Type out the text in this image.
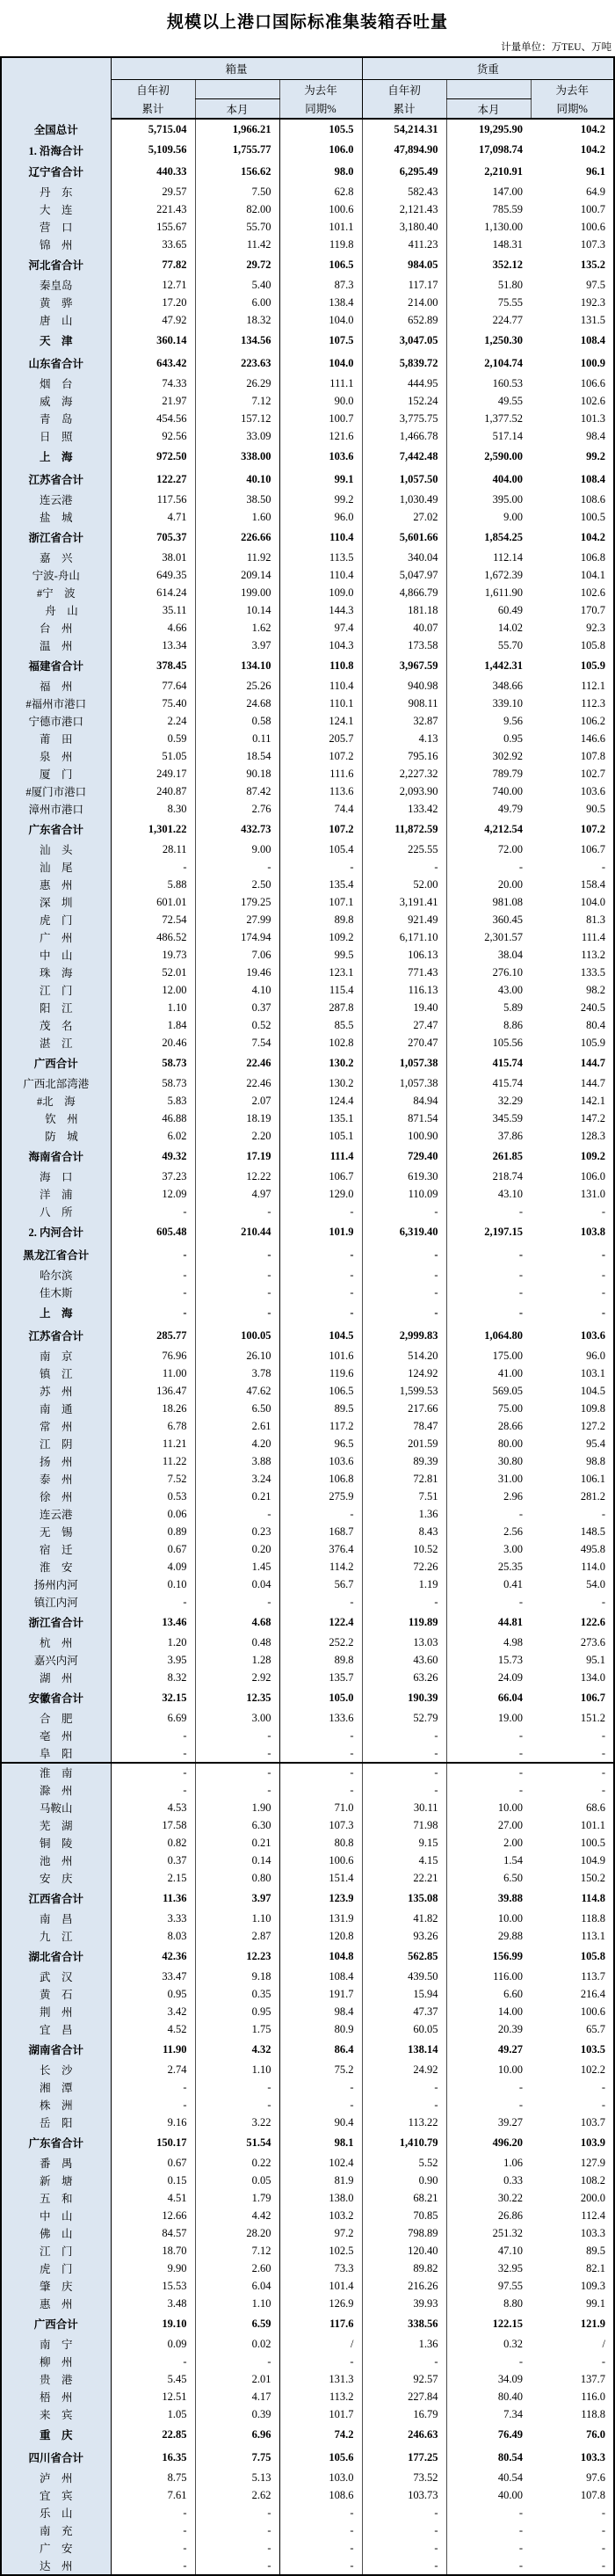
规模以上港口国际标准集装箱吞吐量
计量单位：万TEU、万吨
	箱量			货重		
	自年初		为去年	自年初		为去年
	累计	本月	同期%	累计	本月	同期%
全国总计	5,715.04	1,966.21	105.5	54,214.31	19,295.90	104.2
1. 沿海合计	5,109.56	1,755.77	106.0	47,894.90	17,098.74	104.2
辽宁省合计	440.33	156.62	98.0	6,295.49	2,210.91	96.1
丹　东	29.57	7.50	62.8	582.43	147.00	64.9
大　连	221.43	82.00	100.6	2,121.43	785.59	100.7
营　口	155.67	55.70	101.1	3,180.40	1,130.00	100.6
锦　州	33.65	11.42	119.8	411.23	148.31	107.3
河北省合计	77.82	29.72	106.5	984.05	352.12	135.2
秦皇岛	12.71	5.40	87.3	117.17	51.80	97.5
黄　骅	17.20	6.00	138.4	214.00	75.55	192.3
唐　山	47.92	18.32	104.0	652.89	224.77	131.5
天　津	360.14	134.56	107.5	3,047.05	1,250.30	108.4
山东省合计	643.42	223.63	104.0	5,839.72	2,104.74	100.9
烟　台	74.33	26.29	111.1	444.95	160.53	106.6
威　海	21.97	7.12	90.0	152.24	49.55	102.6
青　岛	454.56	157.12	100.7	3,775.75	1,377.52	101.3
日　照	92.56	33.09	121.6	1,466.78	517.14	98.4
上　海	972.50	338.00	103.6	7,442.48	2,590.00	99.2
江苏省合计	122.27	40.10	99.1	1,057.50	404.00	108.4
连云港	117.56	38.50	99.2	1,030.49	395.00	108.6
盐　城	4.71	1.60	96.0	27.02	9.00	100.5
浙江省合计	705.37	226.66	110.4	5,601.66	1,854.25	104.2
嘉　兴	38.01	11.92	113.5	340.04	112.14	106.8
宁波-舟山	649.35	209.14	110.4	5,047.97	1,672.39	104.1
#宁　波	614.24	199.00	109.0	4,866.79	1,611.90	102.6
　舟　山	35.11	10.14	144.3	181.18	60.49	170.7
台　州	4.66	1.62	97.4	40.07	14.02	92.3
温　州	13.34	3.97	104.3	173.58	55.70	105.8
福建省合计	378.45	134.10	110.8	3,967.59	1,442.31	105.9
福　州	77.64	25.26	110.4	940.98	348.66	112.1
#福州市港口	75.40	24.68	110.1	908.11	339.10	112.3
宁德市港口	2.24	0.58	124.1	32.87	9.56	106.2
莆　田	0.59	0.11	205.7	4.13	0.95	146.6
泉　州	51.05	18.54	107.2	795.16	302.92	107.8
厦　门	249.17	90.18	111.6	2,227.32	789.79	102.7
#厦门市港口	240.87	87.42	113.6	2,093.90	740.00	103.6
漳州市港口	8.30	2.76	74.4	133.42	49.79	90.5
广东省合计	1,301.22	432.73	107.2	11,872.59	4,212.54	107.2
汕　头	28.11	9.00	105.4	225.55	72.00	106.7
汕　尾	-	-	-	-	-	-
惠　州	5.88	2.50	135.4	52.00	20.00	158.4
深　圳	601.01	179.25	107.1	3,191.41	981.08	104.0
虎　门	72.54	27.99	89.8	921.49	360.45	81.3
广　州	486.52	174.94	109.2	6,171.10	2,301.57	111.4
中　山	19.73	7.06	99.5	106.13	38.04	113.2
珠　海	52.01	19.46	123.1	771.43	276.10	133.5
江　门	12.00	4.10	115.4	116.13	43.00	98.2
阳　江	1.10	0.37	287.8	19.40	5.89	240.5
茂　名	1.84	0.52	85.5	27.47	8.86	80.4
湛　江	20.46	7.54	102.8	270.47	105.56	105.9
广西合计	58.73	22.46	130.2	1,057.38	415.74	144.7
广西北部湾港	58.73	22.46	130.2	1,057.38	415.74	144.7
#北　海	5.83	2.07	124.4	84.94	32.29	142.1
　钦　州	46.88	18.19	135.1	871.54	345.59	147.2
　防　城	6.02	2.20	105.1	100.90	37.86	128.3
海南省合计	49.32	17.19	111.4	729.40	261.85	109.2
海　口	37.23	12.22	106.7	619.30	218.74	106.0
洋　浦	12.09	4.97	129.0	110.09	43.10	131.0
八　所	-	-	-	-	-	-
2. 内河合计	605.48	210.44	101.9	6,319.40	2,197.15	103.8
黑龙江省合计	-	-	-	-	-	-
哈尔滨	-	-	-	-	-	-
佳木斯	-	-	-	-	-	-
上　海	-	-	-	-	-	-
江苏省合计	285.77	100.05	104.5	2,999.83	1,064.80	103.6
南　京	76.96	26.10	101.6	514.20	175.00	96.0
镇　江	11.00	3.78	119.6	124.92	41.00	103.1
苏　州	136.47	47.62	106.5	1,599.53	569.05	104.5
南　通	18.26	6.50	89.5	217.66	75.00	109.8
常　州	6.78	2.61	117.2	78.47	28.66	127.2
江　阴	11.21	4.20	96.5	201.59	80.00	95.4
扬　州	11.22	3.88	103.6	89.39	30.80	98.8
泰　州	7.52	3.24	106.8	72.81	31.00	106.1
徐　州	0.53	0.21	275.9	7.51	2.96	281.2
连云港	0.06	-	-	1.36	-	-
无　锡	0.89	0.23	168.7	8.43	2.56	148.5
宿　迁	0.67	0.20	376.4	10.52	3.00	495.8
淮　安	4.09	1.45	114.2	72.26	25.35	114.0
扬州内河	0.10	0.04	56.7	1.19	0.41	54.0
镇江内河	-	-	-	-	-	-
浙江省合计	13.46	4.68	122.4	119.89	44.81	122.6
杭　州	1.20	0.48	252.2	13.03	4.98	273.6
嘉兴内河	3.95	1.28	89.8	43.60	15.73	95.1
湖　州	8.32	2.92	135.7	63.26	24.09	134.0
安徽省合计	32.15	12.35	105.0	190.39	66.04	106.7
合　肥	6.69	3.00	133.6	52.79	19.00	151.2
亳　州	-	-	-	-	-	-
阜　阳	-	-	-	-	-	-
淮　南	-	-	-	-	-	-
滁　州	-	-	-	-	-	-
马鞍山	4.53	1.90	71.0	30.11	10.00	68.6
芜　湖	17.58	6.30	107.3	71.98	27.00	101.1
铜　陵	0.82	0.21	80.8	9.15	2.00	100.5
池　州	0.37	0.14	100.6	4.15	1.54	104.9
安　庆	2.15	0.80	151.4	22.21	6.50	150.2
江西省合计	11.36	3.97	123.9	135.08	39.88	114.8
南　昌	3.33	1.10	131.9	41.82	10.00	118.8
九　江	8.03	2.87	120.8	93.26	29.88	113.1
湖北省合计	42.36	12.23	104.8	562.85	156.99	105.8
武　汉	33.47	9.18	108.4	439.50	116.00	113.7
黄　石	0.95	0.35	191.7	15.94	6.60	216.4
荆　州	3.42	0.95	98.4	47.37	14.00	100.6
宜　昌	4.52	1.75	80.9	60.05	20.39	65.7
湖南省合计	11.90	4.32	86.4	138.14	49.27	103.5
长　沙	2.74	1.10	75.2	24.92	10.00	102.2
湘　潭	-	-	-	-	-	-
株　洲	-	-	-	-	-	-
岳　阳	9.16	3.22	90.4	113.22	39.27	103.7
广东省合计	150.17	51.54	98.1	1,410.79	496.20	103.9
番　禺	0.67	0.22	102.4	5.52	1.06	127.9
新　塘	0.15	0.05	81.9	0.90	0.33	108.2
五　和	4.51	1.79	138.0	68.21	30.22	200.0
中　山	12.66	4.42	103.2	70.85	26.86	112.4
佛　山	84.57	28.20	97.2	798.89	251.32	103.3
江　门	18.70	7.12	102.5	120.40	47.10	89.5
虎　门	9.90	2.60	73.3	89.82	32.95	82.1
肇　庆	15.53	6.04	101.4	216.26	97.55	109.3
惠　州	3.48	1.10	126.9	39.93	8.80	99.1
广西合计	19.10	6.59	117.6	338.56	122.15	121.9
南　宁	0.09	0.02	/	1.36	0.32	/
柳　州	-	-	-	-	-	-
贵　港	5.45	2.01	131.3	92.57	34.09	137.7
梧　州	12.51	4.17	113.2	227.84	80.40	116.0
来　宾	1.05	0.39	101.7	16.79	7.34	118.8
重　庆	22.85	6.96	74.2	246.63	76.49	76.0
四川省合计	16.35	7.75	105.6	177.25	80.54	103.3
泸　州	8.75	5.13	103.0	73.52	40.54	97.6
宜　宾	7.61	2.62	108.6	103.73	40.00	107.8
乐　山	-	-	-	-	-	-
南　充	-	-	-	-	-	-
广　安	-	-	-	-	-	-
达　州	-	-	-	-	-	-
